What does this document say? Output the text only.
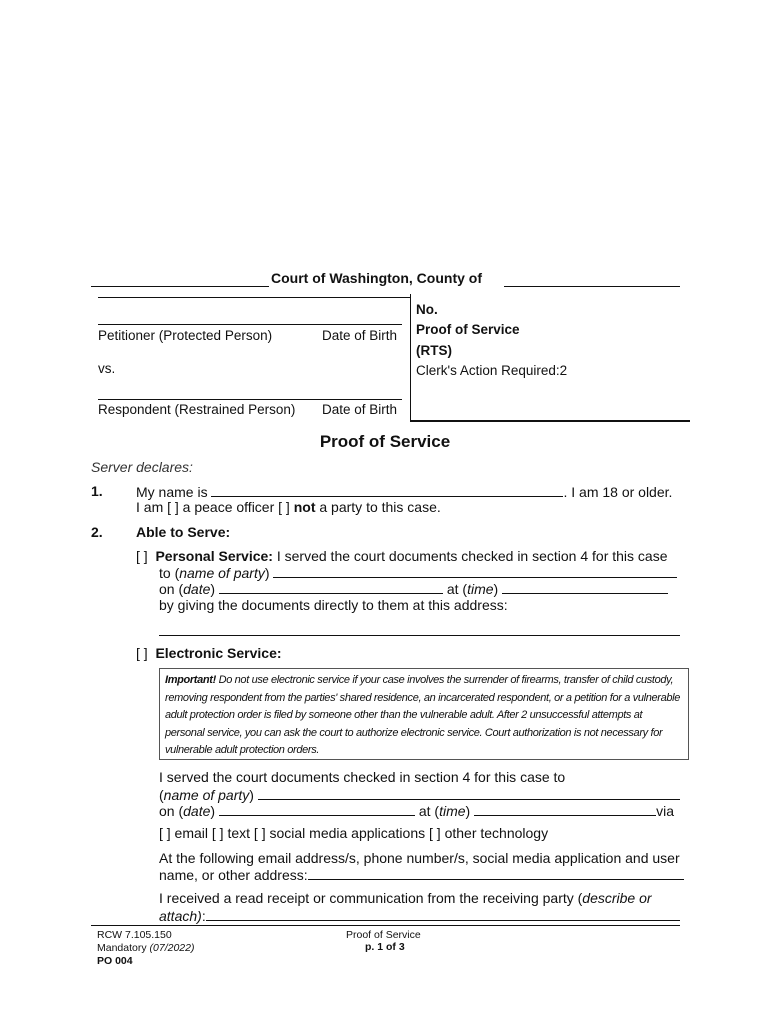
Court of Washington, County of
Petitioner (Protected Person)	Date of Birth
vs.
Respondent (Restrained Person) Date of Birth
No.
Proof of Service
(RTS)
Clerk's Action Required:2
Proof of Service
Server declares:
1. My name is	. I am 18 or older.
I am [ ] a peace officer [ ] not a party to this case.
2. Able to Serve:
[ ] Personal Service: I served the court documents checked in section 4 for this case
to (name of party)
on (date)	at (time)
by giving the documents directly to them at this address:
[ ] Electronic Service:
Important! Do not use electronic service if your case involves the surrender of firearms, transfer of child custody, removing respondent from the parties' shared residence, an incarcerated respondent, or a petition for a vulnerable adult protection order is filed by someone other than the vulnerable adult. After 2 unsuccessful attempts at personal service, you can ask the court to authorize electronic service. Court authorization is not necessary for vulnerable adult protection orders.
I served the court documents checked in section 4 for this case to
(name of party)
on (date)	at (time)	via
[ ] email [ ] text [ ] social media applications [ ] other technology
At the following email address/s, phone number/s, social media application and user
name, or other address:
I received a read receipt or communication from the receiving party (describe or
attach):
RCW 7.105.150
Mandatory (07/2022)
PO 004
Proof of Service
p. 1 of 3
